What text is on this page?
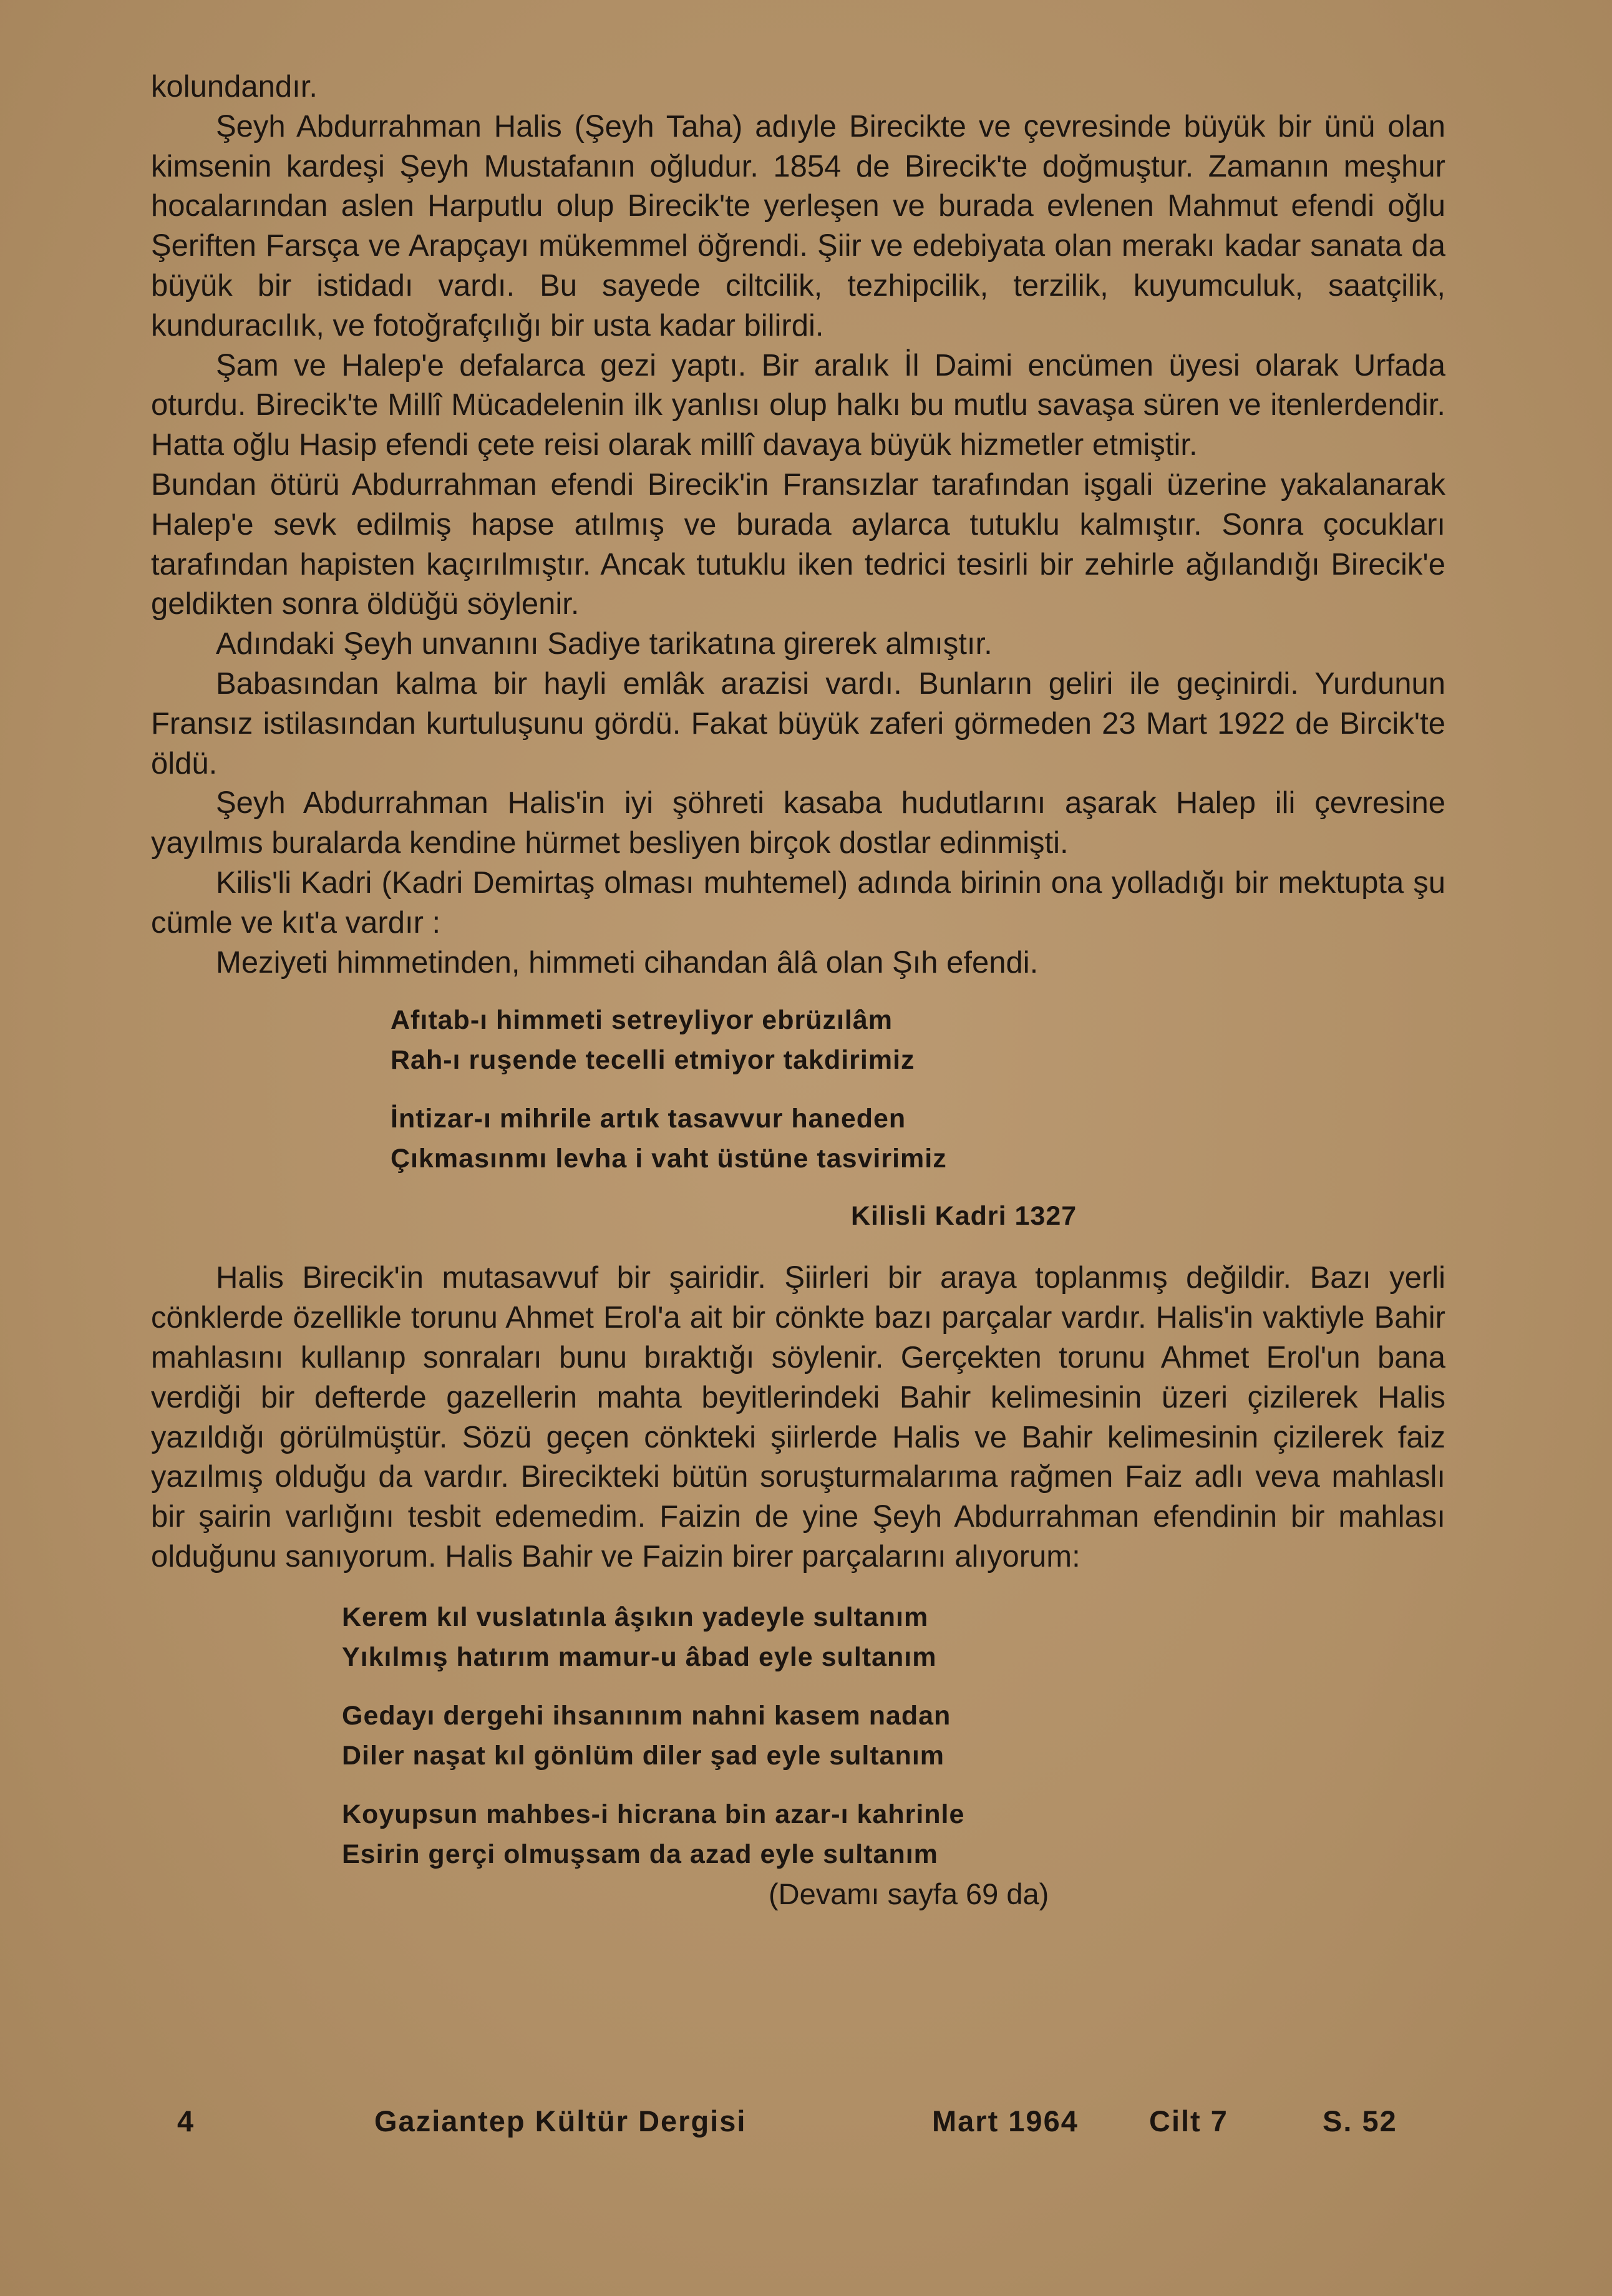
kolundandır.

Şeyh Abdurrahman Halis (Şeyh Taha) adıyle Birecikte ve çevresinde büyük bir ünü olan kimsenin kardeşi Şeyh Mustafanın oğludur. 1854 de Birecik'te doğmuştur. Zamanın meşhur hocalarından aslen Harputlu olup Birecik'te yerleşen ve burada evlenen Mahmut efendi oğlu Şeriften Farsça ve Arapçayı mükemmel öğrendi. Şiir ve edebiyata olan merakı kadar sanata da büyük bir istidadı vardı. Bu sayede ciltcilik, tezhipcilik, terzilik, kuyumculuk, saatçilik, kunduracılık, ve fotoğrafçılığı bir usta kadar bilirdi.

Şam ve Halep'e defalarca gezi yaptı. Bir aralık İl Daimi encümen üyesi olarak Urfada oturdu. Birecik'te Millî Mücadelenin ilk yanlısı olup halkı bu mutlu savaşa süren ve itenlerdendir. Hatta oğlu Hasip efendi çete reisi olarak millî davaya büyük hizmetler etmiştir.

Bundan ötürü Abdurrahman efendi Birecik'in Fransızlar tarafından işgali üzerine yakalanarak Halep'e sevk edilmiş hapse atılmış ve burada aylarca tutuklu kalmıştır. Sonra çocukları tarafından hapisten kaçırılmıştır. Ancak tutuklu iken tedrici tesirli bir zehirle ağılandığı Birecik'e geldikten sonra öldüğü söylenir.

Adındaki Şeyh unvanını Sadiye tarikatına girerek almıştır.

Babasından kalma bir hayli emlâk arazisi vardı. Bunların geliri ile geçinirdi. Yurdunun Fransız istilasından kurtuluşunu gördü. Fakat büyük zaferi görmeden 23 Mart 1922 de Bircik'te öldü.

Şeyh Abdurrahman Halis'in iyi şöhreti kasaba hudutlarını aşarak Halep ili çevresine yayılmıs buralarda kendine hürmet besliyen birçok dostlar edinmişti.

Kilis'li Kadri (Kadri Demirtaş olması muhtemel) adında birinin ona yolladığı bir mektupta şu cümle ve kıt'a vardır :

Meziyeti himmetinden, himmeti cihandan âlâ olan Şıh efendi.

Afıtab-ı himmeti setreyliyor ebrüzılâm
Rah-ı ruşende tecelli etmiyor takdirimiz
İntizar-ı mihrile artık tasavvur haneden
Çıkmasınmı levha i vaht üstüne tasvirimiz
Kilisli Kadri 1327

Halis Birecik'in mutasavvuf bir şairidir. Şiirleri bir araya toplanmış değildir. Bazı yerli cönklerde özellikle torunu Ahmet Erol'a ait bir cönkte bazı parçalar vardır. Halis'in vaktiyle Bahir mahlasını kullanıp sonraları bunu bıraktığı söylenir. Gerçekten torunu Ahmet Erol'un bana verdiği bir defterde gazellerin mahta beyitlerindeki Bahir kelimesinin üzeri çizilerek Halis yazıldığı görülmüştür. Sözü geçen cönkteki şiirlerde Halis ve Bahir kelimesinin çizilerek faiz yazılmış olduğu da vardır. Birecikteki bütün soruşturmalarıma rağmen Faiz adlı veva mahlaslı bir şairin varlığını tesbit edemedim. Faizin de yine Şeyh Abdurrahman efendinin bir mahlası olduğunu sanıyorum. Halis Bahir ve Faizin birer parçalarını alıyorum:

Kerem kıl vuslatınla âşıkın yadeyle sultanım
Yıkılmış hatırım mamur-u âbad eyle sultanım
Gedayı dergehi ihsanınım nahni kasem nadan
Diler naşat kıl gönlüm diler şad eyle sultanım
Koyupsun mahbes-i hicrana bin azar-ı kahrinle
Esirin gerçi olmuşsam da azad eyle sultanım
(Devamı sayfa 69 da)
4	Gaziantep Kültür Dergisi	Mart 1964 Cilt 7	S. 52
